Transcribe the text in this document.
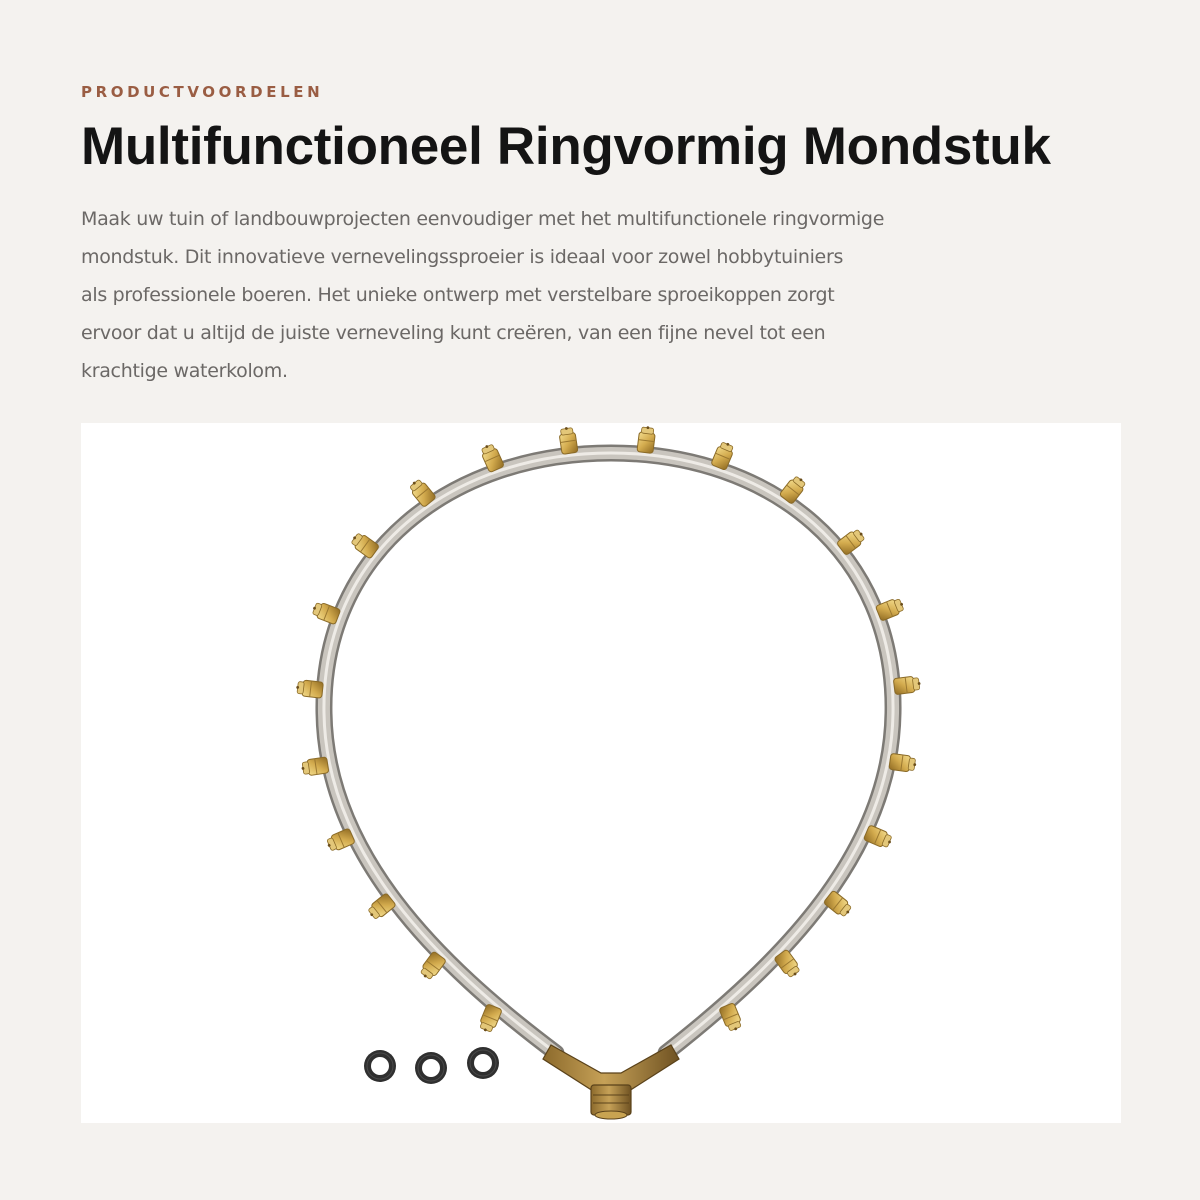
PRODUCTVOORDELEN

Multifunctioneel Ringvormig Mondstuk
Maak uw tuin of landbouwprojecten eenvoudiger met het multifunctionele ringvormige
mondstuk. Dit innovatieve vernevelingssproeier is ideaal voor zowel hobbytuiniers
als professionele boeren. Het unieke ontwerp met verstelbare sproeikoppen zorgt
ervoor dat u altijd de juiste verneveling kunt creëren, van een fijne nevel tot een
krachtige waterkolom.
